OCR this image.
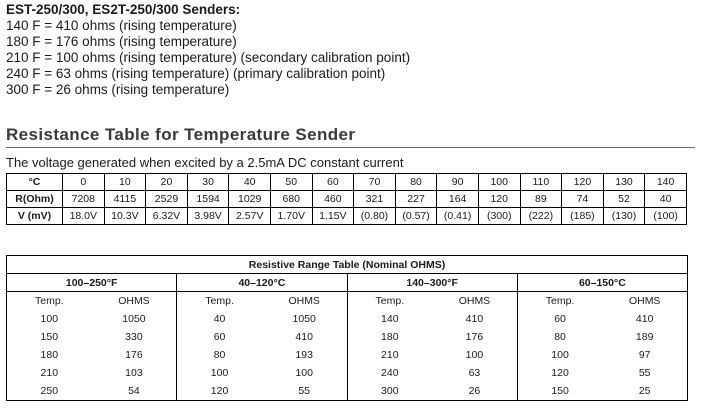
EST-250/300, ES2T-250/300 Senders:
140 F = 410 ohms (rising temperature)
180 F = 176 ohms (rising temperature)
210 F = 100 ohms (rising temperature) (secondary calibration point)
240 F = 63 ohms (rising temperature) (primary calibration point)
300 F = 26 ohms (rising temperature)
Resistance Table for Temperature Sender
The voltage generated when excited by a 2.5mA DC constant current
°C	0	10	20	30	40	50	60	70	80	90	100	110	120	130	140
R(Ohm)	7208	4115	2529	1594	1029	680	460	321	227	164	120	89	74	52	40
V (mV)	18.0V	10.3V	6.32V	3.98V	2.57V	1.70V	1.15V	(0.80)	(0.57)	(0.41)	(300)	(222)	(185)	(130)	(100)
Resistive Range Table (Nominal OHMS)							
100–250°F		40–120°C		140–300°F		60–150°C	
Temp.	OHMS	Temp.	OHMS	Temp.	OHMS	Temp.	OHMS
100	1050	40	1050	140	410	60	410
150	330	60	410	180	176	80	189
180	176	80	193	210	100	100	97
210	103	100	100	240	63	120	55
250	54	120	55	300	26	150	25
